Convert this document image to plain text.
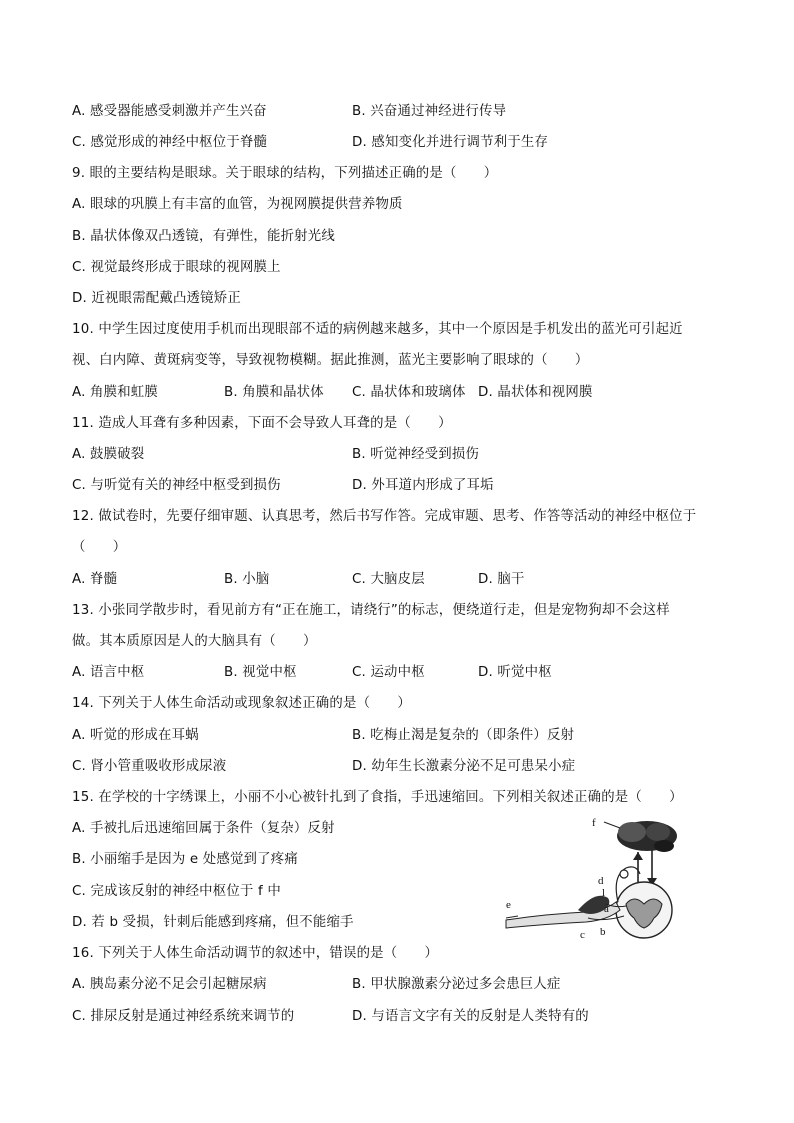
A. 感受器能感受刺激并产生兴奋	B. 兴奋通过神经进行传导
C. 感觉形成的神经中枢位于脊髓	D. 感知变化并进行调节利于生存
9. 眼的主要结构是眼球。关于眼球的结构，下列描述正确的是（　　）
A. 眼球的巩膜上有丰富的血管，为视网膜提供营养物质
B. 晶状体像双凸透镜，有弹性，能折射光线
C. 视觉最终形成于眼球的视网膜上
D. 近视眼需配戴凸透镜矫正
10. 中学生因过度使用手机而出现眼部不适的病例越来越多，其中一个原因是手机发出的蓝光可引起近
视、白内障、黄斑病变等，导致视物模糊。据此推测，蓝光主要影响了眼球的（　　）
A. 角膜和虹膜	B. 角膜和晶状体 C. 晶状体和玻璃体 D. 晶状体和视网膜
11. 造成人耳聋有多种因素，下面不会导致人耳聋的是（　　）
A. 鼓膜破裂	B. 听觉神经受到损伤
C. 与听觉有关的神经中枢受到损伤	D. 外耳道内形成了耳垢
12. 做试卷时，先要仔细审题、认真思考，然后书写作答。完成审题、思考、作答等活动的神经中枢位于
（　　）
A. 脊髓	B. 小脑	C. 大脑皮层	D. 脑干
13. 小张同学散步时，看见前方有“正在施工，请绕行”的标志，便绕道行走，但是宠物狗却不会这样
做。其本质原因是人的大脑具有（　　）
A. 语言中枢	B. 视觉中枢	C. 运动中枢	D. 听觉中枢
14. 下列关于人体生命活动或现象叙述正确的是（　　）
A. 听觉的形成在耳蜗	B. 吃梅止渴是复杂的（即条件）反射
C. 肾小管重吸收形成尿液	D. 幼年生长激素分泌不足可患呆小症
15. 在学校的十字绣课上，小丽不小心被针扎到了食指，手迅速缩回。下列相关叙述正确的是（　　）
A. 手被扎后迅速缩回属于条件（复杂）反射
B. 小丽缩手是因为 e 处感觉到了疼痛
C. 完成该反射的神经中枢位于 f 中
D. 若 b 受损，针刺后能感到疼痛，但不能缩手
f
d
l
a
e
c b
16. 下列关于人体生命活动调节的叙述中，错误的是（　　）
A. 胰岛素分泌不足会引起糖尿病	B. 甲状腺激素分泌过多会患巨人症
C. 排尿反射是通过神经系统来调节的	D. 与语言文字有关的反射是人类特有的
